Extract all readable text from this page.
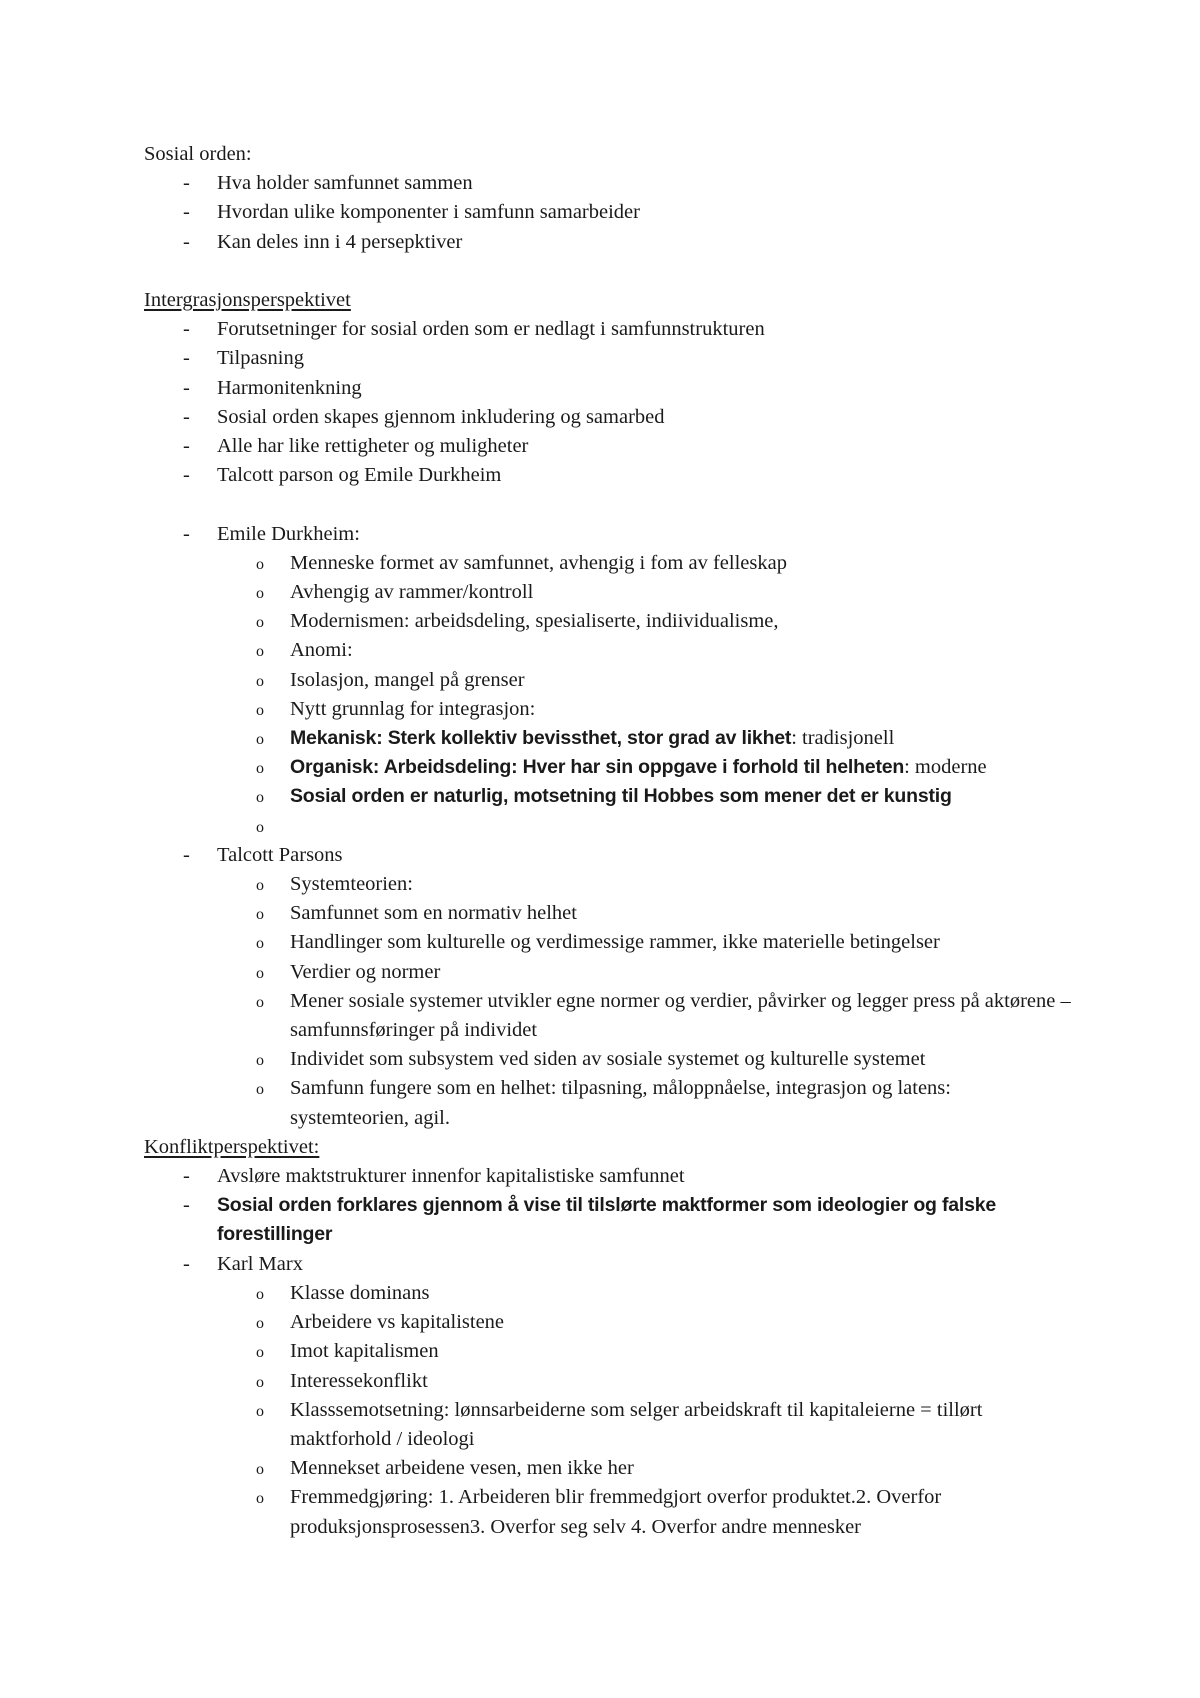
Sosial orden:

- Hva holder samfunnet sammen
- Hvordan ulike komponenter i samfunn samarbeider
- Kan deles inn i 4 persepktiver

Intergrasjonsperspektivet

- Forutsetninger for sosial orden som er nedlagt i samfunnstrukturen
- Tilpasning
- Harmonitenkning
- Sosial orden skapes gjennom inkludering og samarbed
- Alle har like rettigheter og muligheter
- Talcott parson og Emile Durkheim
- Emile Durkheim:
o Menneske formet av samfunnet, avhengig i fom av felleskap
o Avhengig av rammer/kontroll
o Modernismen: arbeidsdeling, spesialiserte, indiividualisme,
o Anomi:
o Isolasjon, mangel på grenser
o Nytt grunnlag for integrasjon:
o Mekanisk: Sterk kollektiv bevissthet, stor grad av likhet: tradisjonell
o Organisk: Arbeidsdeling: Hver har sin oppgave i forhold til helheten: moderne
o Sosial orden er naturlig, motsetning til Hobbes som mener det er kunstig
o

- Talcott Parsons
o Systemteorien:
o Samfunnet som en normativ helhet
o Handlinger som kulturelle og verdimessige rammer, ikke materielle betingelser
o Verdier og normer
o Mener sosiale systemer utvikler egne normer og verdier, påvirker og legger press på aktørene – samfunnsføringer på individet
o Individet som subsystem ved siden av sosiale systemet og kulturelle systemet
o Samfunn fungere som en helhet: tilpasning, måloppnåelse, integrasjon og latens: systemteorien, agil.

Konfliktperspektivet:

- Avsløre maktstrukturer innenfor kapitalistiske samfunnet
- Sosial orden forklares gjennom å vise til tilslørte maktformer som ideologier og falske forestillinger
- Karl Marx
o Klasse dominans
o Arbeidere vs kapitalistene
o Imot kapitalismen
o Interessekonflikt
o Klasssemotsetning: lønnsarbeiderne som selger arbeidskraft til kapitaleierne = tillørt maktforhold / ideologi
o Mennekset arbeidene vesen, men ikke her
o Fremmedgjøring: 1. Arbeideren blir fremmedgjort overfor produktet.2. Overfor produksjonsprosessen3. Overfor seg selv 4. Overfor andre mennesker
